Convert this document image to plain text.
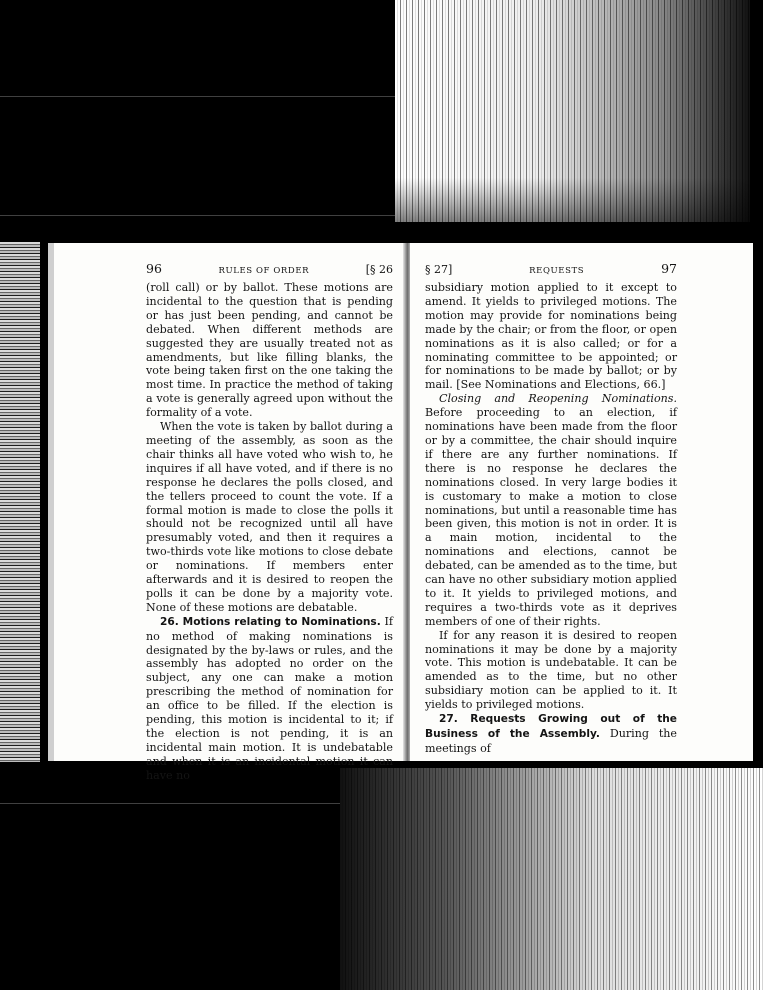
96	RULES OF ORDER	[§ 26

(roll call) or by ballot. These motions are incidental to the question that is pending or has just been pending, and cannot be debated. When different methods are suggested they are usually treated not as amendments, but like filling blanks, the vote being taken first on the one taking the most time. In practice the method of taking a vote is generally agreed upon without the formality of a vote.

When the vote is taken by ballot during a meeting of the assembly, as soon as the chair thinks all have voted who wish to, he inquires if all have voted, and if there is no response he declares the polls closed, and the tellers proceed to count the vote. If a formal motion is made to close the polls it should not be recognized until all have presumably voted, and then it requires a two-thirds vote like motions to close debate or nominations. If members enter afterwards and it is desired to reopen the polls it can be done by a majority vote. None of these motions are debatable.

26. Motions relating to Nominations. If no method of making nominations is designated by the by-laws or rules, and the assembly has adopted no order on the subject, any one can make a motion prescribing the method of nomination for an office to be filled. If the election is pending, this motion is incidental to it; if the election is not pending, it is an incidental main motion. It is undebatable and when it is an incidental motion it can have no

§ 27]	REQUESTS	97

subsidiary motion applied to it except to amend. It yields to privileged motions. The motion may provide for nominations being made by the chair; or from the floor, or open nominations as it is also called; or for a nominating committee to be appointed; or for nominations to be made by ballot; or by mail. [See Nominations and Elections, 66.]

Closing and Reopening Nominations. Before proceeding to an election, if nominations have been made from the floor or by a committee, the chair should inquire if there are any further nominations. If there is no response he declares the nominations closed. In very large bodies it is customary to make a motion to close nominations, but until a reasonable time has been given, this motion is not in order. It is a main motion, incidental to the nominations and elections, cannot be debated, can be amended as to the time, but can have no other subsidiary motion applied to it. It yields to privileged motions, and requires a two-thirds vote as it deprives members of one of their rights.

If for any reason it is desired to reopen nominations it may be done by a majority vote. This motion is undebatable. It can be amended as to the time, but no other subsidiary motion can be applied to it. It yields to privileged motions.

27. Requests Growing out of the Business of the Assembly. During the meetings of
